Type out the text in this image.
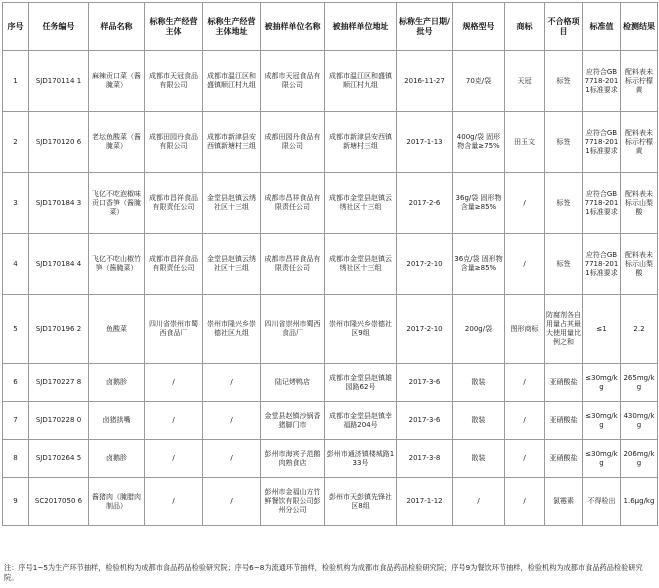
序号	任务编号	样品名称	标称生产经营主体	标称生产经营主体地址	被抽样单位名称	被抽样单位地址	标称生产日期/批号	规格型号	商标	不合格项目	标准值	检测结果
1	SJD170114 1	麻辣贡口菜（酱腌菜）	成都市天冠食品有限公司	成都市温江区和盛镇顺江村九组	成都市天冠食品有限公司	成都市温江区和盛镇顺江村九组	2016-11-27	70克/袋	天冠	标签	应符合GB7718-2011标准要求	配料表未标示柠檬黄
2	SJD170120 6	老坛鱼酸菜（酱腌菜）	成都田园丹食品有限公司	成都市新津县安西镇新塘村三组	成都田园丹食品有限公司	成都市新津县安西镇新塘村三组	2017-1-13	400g/袋 固形物含量≥75%	田玉文	标签	应符合GB7718-2011标准要求	配料表未标示柠檬黄
3	SJD170184 3	飞亿不吃泡椒味贡口香笋（酱腌菜）	成都市昌祥食品有限责任公司	金堂县赵镇云绣社区十三组	成都市昌祥食品有限责任公司	成都市金堂县赵镇云绣社区十三组	2017-2-6	36g/袋 固形物含量≥85%	/	标签	应符合GB7718-2011标准要求	配料表未标示山梨酸
4	SJD170184 4	飞亿不吃山椒竹笋（酱腌菜）	成都市昌祥食品有限责任公司	金堂县赵镇云绣社区十三组	成都市昌祥食品有限责任公司	成都市金堂县赵镇云绣社区十三组	2017-2-10	36克/袋 固形物含量≥85%	/	标签	应符合GB7718-2011标准要求	配料表未标示山梨酸
5	SJD170196 2	鱼酸菜	四川省崇州市蜀西食品厂	崇州市隆兴乡崇德社区九组	四川省崇州市蜀西食品厂	崇州市隆兴乡崇德社区9组	2017-2-10	200g/袋	图形商标	防腐剂各自用量占其最大使用量比例之和	≤1	2.2
6	SJD170227 8	卤鹅胗	/	/	陆记烤鸭店	成都市金堂县赵镇雄园路62号	2017-3-6	散装	/	亚硝酸盐	≤30mg/kg	265mg/kg
7	SJD170228 0	卤猪拱嘴	/	/	金堂县赵镇沙锅香猪脚门市	成都市金堂县赵镇幸福路204号	2017-3-6	散装	/	亚硝酸盐	≤30mg/kg	430mg/kg
8	SJD170264 5	卤鹅胗	/	/	彭州市海宾子范鹅肉熟食店	彭州市通济镇楼城路133号	2017-3-8	散装	/	亚硝酸盐	≤30mg/kg	206mg/kg
9	SC2017050 6	酱猪肉（腌腊肉制品）	/	/	彭州市金福山方竹鲜餐饮有限公司彭州分公司	彭州市天彭镇先锋社区8组	2017-1-12	/	/	氯霉素	不得检出	1.6μg/kg
注：序号1~5为生产环节抽样，检验机构为成都市食品药品检验研究院；序号6~8为流通环节抽样，检验机构为成都市食品药品检验研究院；序号9为餐饮环节抽样，检验机构为成都市食品药品检验研究院。
